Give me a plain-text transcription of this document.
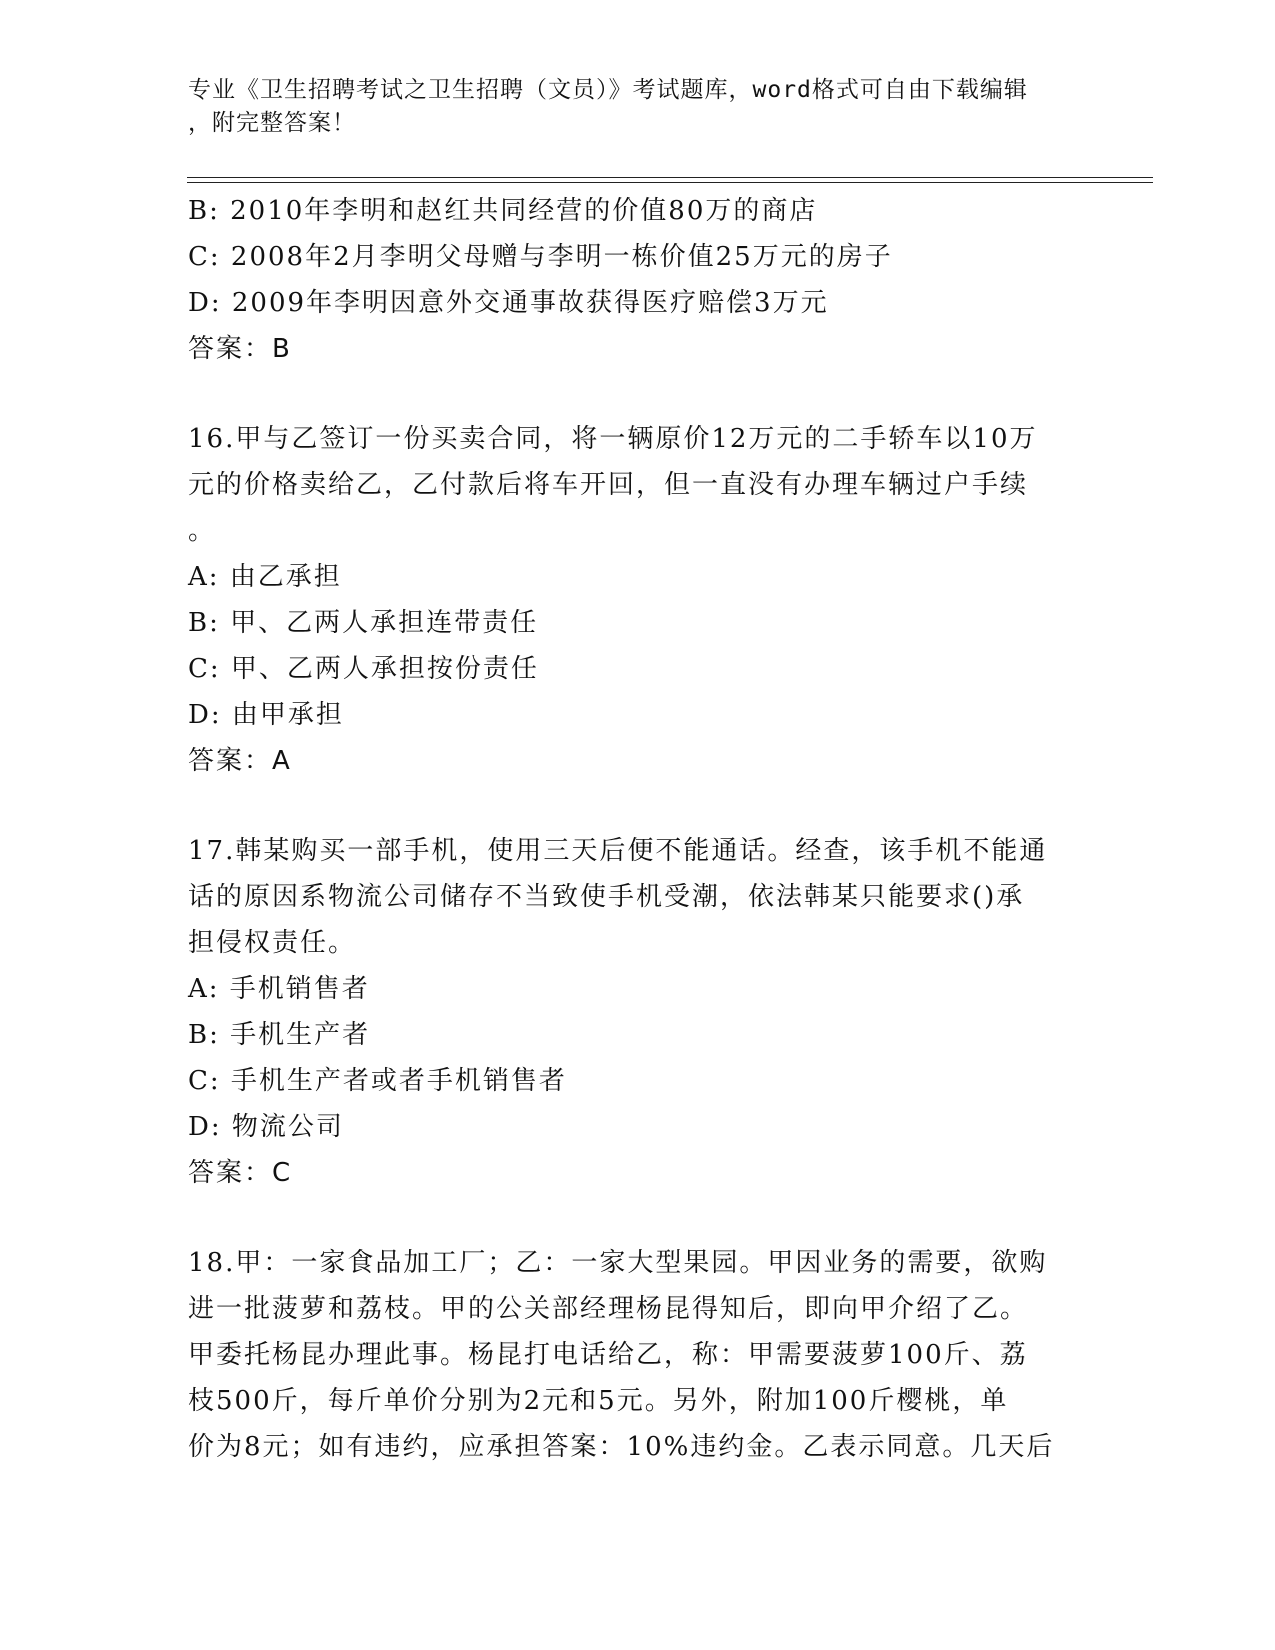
专业《卫生招聘考试之卫生招聘（文员）》考试题库，word格式可自由下载编辑
，附完整答案！
B: 2010年李明和赵红共同经营的价值80万的商店
C: 2008年2月李明父母赠与李明一栋价值25万元的房子
D: 2009年李明因意外交通事故获得医疗赔偿3万元
答案：B
16.甲与乙签订一份买卖合同，将一辆原价12万元的二手轿车以10万
元的价格卖给乙，乙付款后将车开回，但一直没有办理车辆过户手续
。
A: 由乙承担
B: 甲、乙两人承担连带责任
C: 甲、乙两人承担按份责任
D: 由甲承担
答案：A
17.韩某购买一部手机，使用三天后便不能通话。经查，该手机不能通
话的原因系物流公司储存不当致使手机受潮，依法韩某只能要求()承
担侵权责任。
A: 手机销售者
B: 手机生产者
C: 手机生产者或者手机销售者
D: 物流公司
答案：C
18.甲：一家食品加工厂；乙：一家大型果园。甲因业务的需要，欲购
进一批菠萝和荔枝。甲的公关部经理杨昆得知后，即向甲介绍了乙。
甲委托杨昆办理此事。杨昆打电话给乙，称：甲需要菠萝100斤、荔
枝500斤，每斤单价分别为2元和5元。另外，附加100斤樱桃，单
价为8元；如有违约，应承担答案：10%违约金。乙表示同意。几天后
